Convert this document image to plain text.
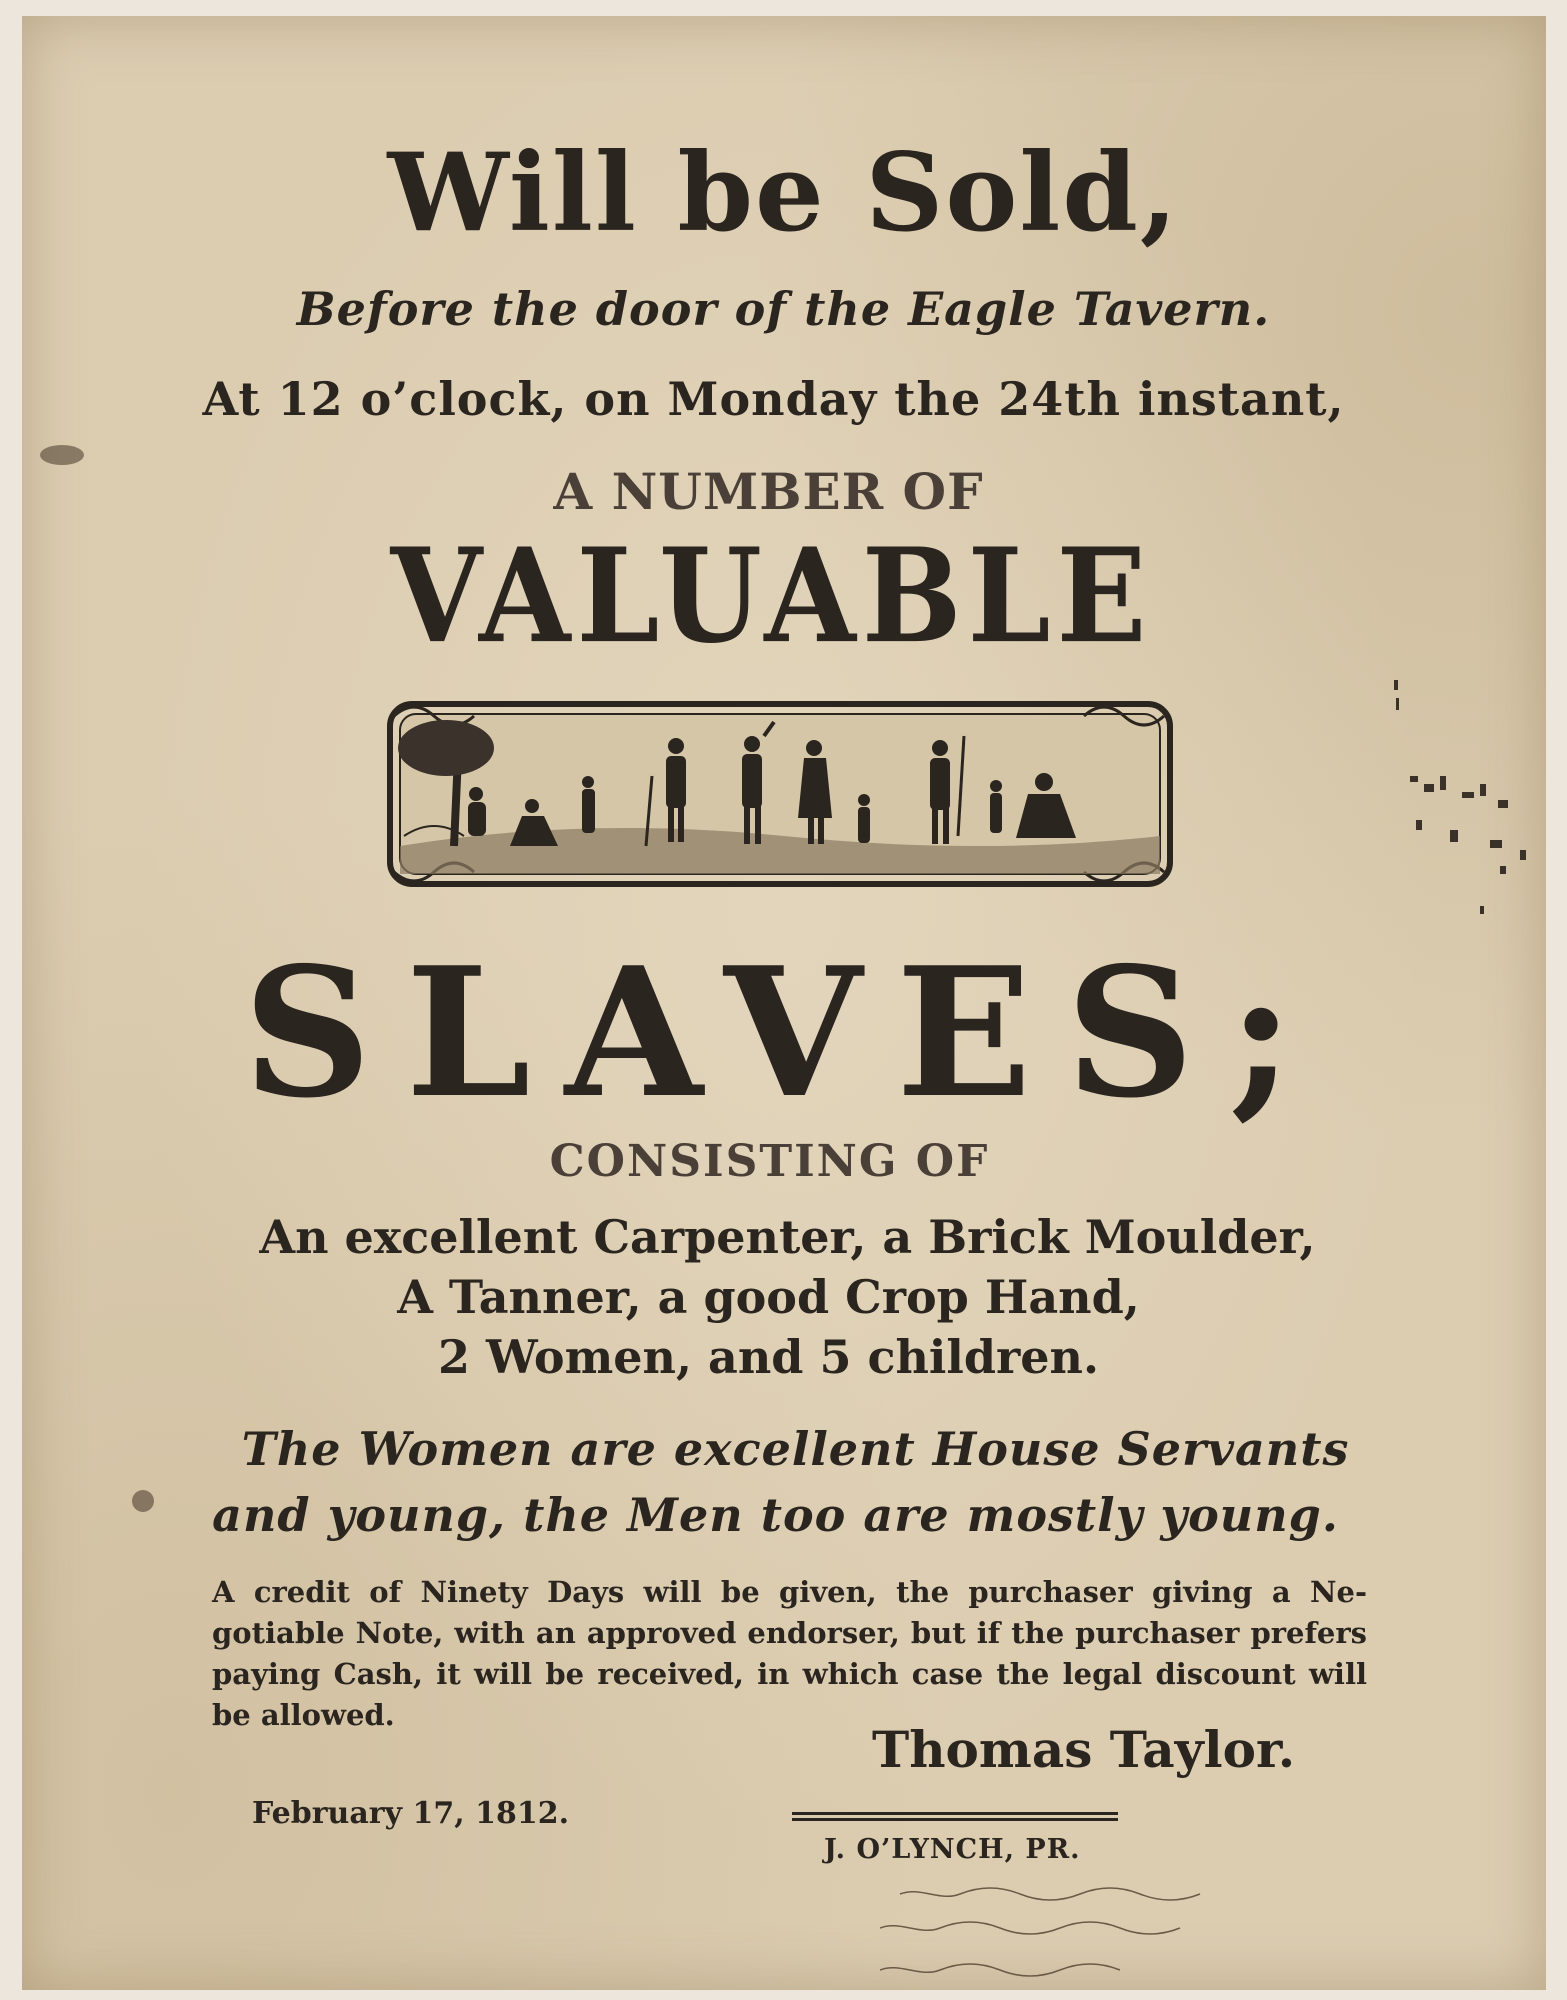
Will be Sold,

Before the door of the Eagle Tavern.

At 12 o’clock, on Monday the 24th instant,

A NUMBER OF

VALUABLE

SLAVES;

CONSISTING OF

An excellent Carpenter, a Brick Moulder,

A Tanner, a good Crop Hand,

2 Women, and 5 children.

The Women are excellent House Servants

and young, the Men too are mostly young.

A credit of Ninety Days will be given, the purchaser giving a Ne-
gotiable Note, with an approved endorser, but if the purchaser prefers
paying Cash, it will be received, in which case the legal discount will
be allowed.

Thomas Taylor.

February 17, 1812.

J. O’LYNCH, PR.
